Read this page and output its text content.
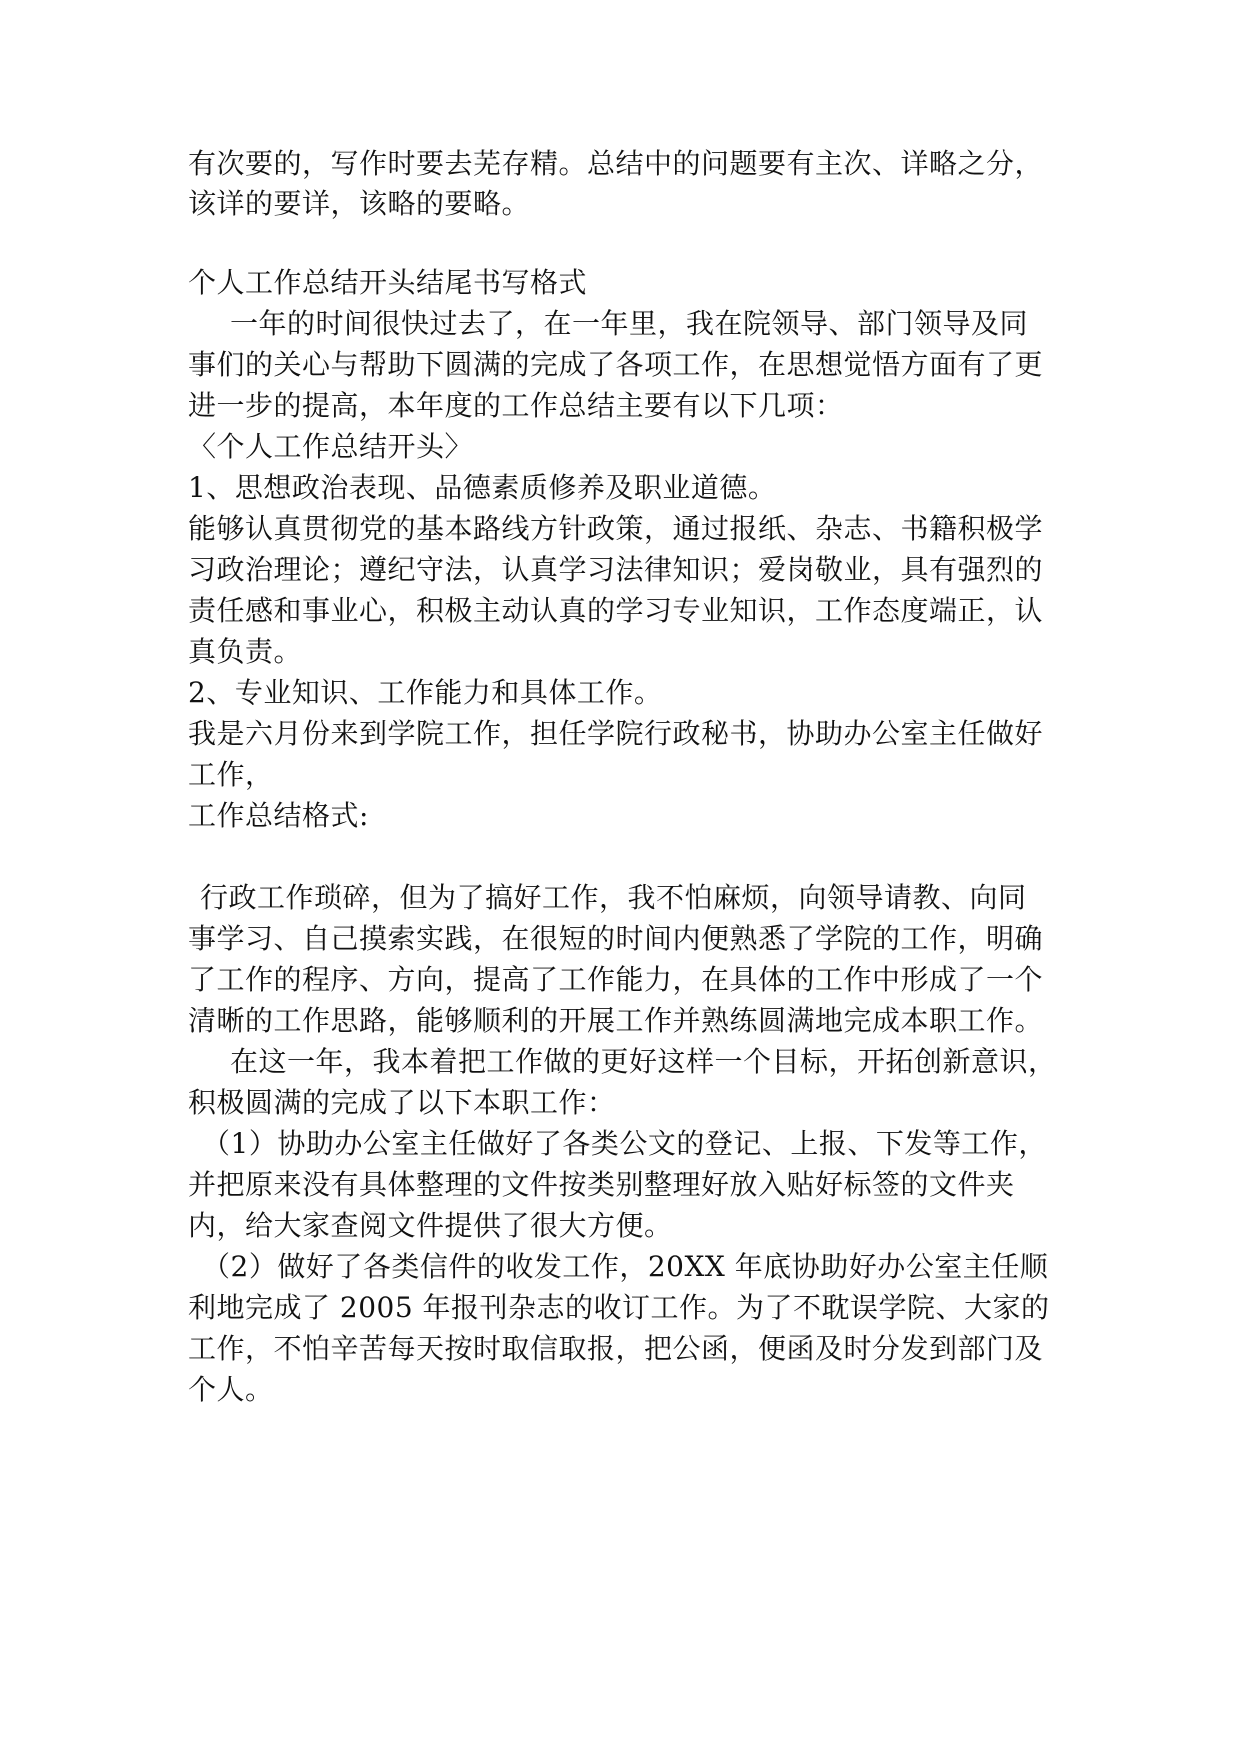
有次要的，写作时要去芜存精。总结中的问题要有主次、详略之分，
该详的要详，该略的要略。
个人工作总结开头结尾书写格式
一年的时间很快过去了，在一年里，我在院领导、部门领导及同
事们的关心与帮助下圆满的完成了各项工作，在思想觉悟方面有了更
进一步的提高，本年度的工作总结主要有以下几项：
〈个人工作总结开头〉
1、思想政治表现、品德素质修养及职业道德。
能够认真贯彻党的基本路线方针政策，通过报纸、杂志、书籍积极学
习政治理论；遵纪守法，认真学习法律知识；爱岗敬业，具有强烈的
责任感和事业心，积极主动认真的学习专业知识，工作态度端正，认
真负责。
2、专业知识、工作能力和具体工作。
我是六月份来到学院工作，担任学院行政秘书，协助办公室主任做好
工作，
工作总结格式:
行政工作琐碎，但为了搞好工作，我不怕麻烦，向领导请教、向同
事学习、自己摸索实践，在很短的时间内便熟悉了学院的工作，明确
了工作的程序、方向，提高了工作能力，在具体的工作中形成了一个
清晰的工作思路，能够顺利的开展工作并熟练圆满地完成本职工作。
在这一年，我本着把工作做的更好这样一个目标，开拓创新意识，
积极圆满的完成了以下本职工作：
（1）协助办公室主任做好了各类公文的登记、上报、下发等工作，
并把原来没有具体整理的文件按类别整理好放入贴好标签的文件夹
内，给大家查阅文件提供了很大方便。
（2）做好了各类信件的收发工作，20XX 年底协助好办公室主任顺
利地完成了 2005 年报刊杂志的收订工作。为了不耽误学院、大家的
工作，不怕辛苦每天按时取信取报，把公函，便函及时分发到部门及
个人。
